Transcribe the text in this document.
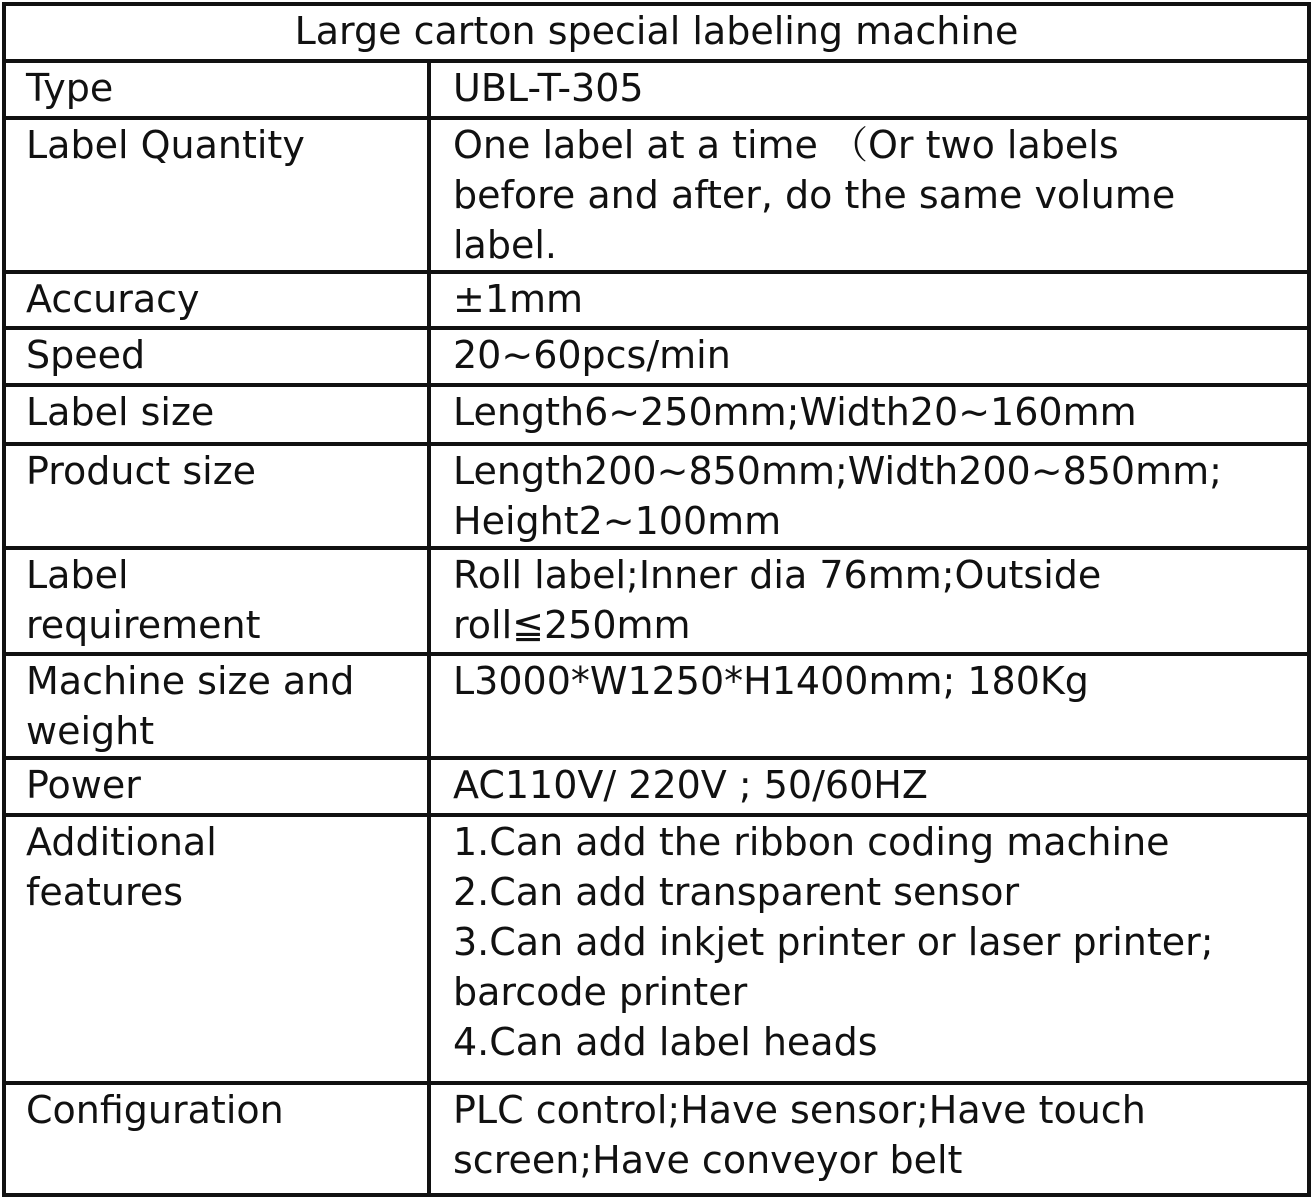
Large carton special labeling machine	
Type	UBL-T-305
Label Quantity	One label at a time （Or two labels
before and after, do the same volume
label.
Accuracy	±1mm
Speed	20~60pcs/min
Label size	Length6~250mm;Width20~160mm
Product size	Length200~850mm;Width200~850mm;
Height2~100mm
Label
requirement	Roll label;Inner dia 76mm;Outside
roll≦250mm
Machine size and
weight	L3000*W1250*H1400mm; 180Kg
Power	AC110V/ 220V ; 50/60HZ
Additional
features	1.Can add the ribbon coding machine
2.Can add transparent sensor
3.Can add inkjet printer or laser printer;
barcode printer
4.Can add label heads
Configuration	PLC control;Have sensor;Have touch
screen;Have conveyor belt
